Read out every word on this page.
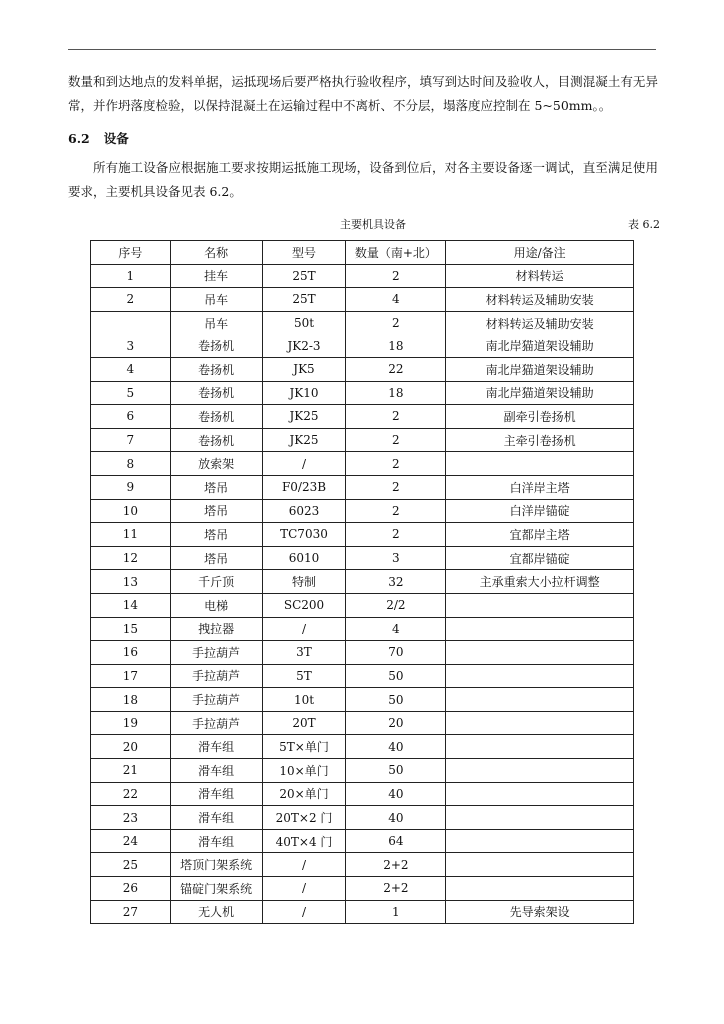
数量和到达地点的发料单据，运抵现场后要严格执行验收程序，填写到达时间及验收人，目测混凝土有无异常，并作坍落度检验，以保持混凝土在运输过程中不离析、不分层，塌落度应控制在 5~50mm。。
6.2 设备
所有施工设备应根据施工要求按期运抵施工现场，设备到位后，对各主要设备逐一调试，直至满足使用要求，主要机具设备见表 6.2。
主要机具设备	表 6.2
序号	名称	型号	数量（南+北）	用途/备注
1	挂车	25T	2	材料转运
2	吊车	25T	4	材料转运及辅助安装
	吊车	50t	2	材料转运及辅助安装
3	卷扬机	JK2-3	18	南北岸猫道架设辅助
4	卷扬机	JK5	22	南北岸猫道架设辅助
5	卷扬机	JK10	18	南北岸猫道架设辅助
6	卷扬机	JK25	2	副牵引卷扬机
7	卷扬机	JK25	2	主牵引卷扬机
8	放索架	/	2	
9	塔吊	F0/23B	2	白洋岸主塔
10	塔吊	6023	2	白洋岸锚碇
11	塔吊	TC7030	2	宜都岸主塔
12	塔吊	6010	3	宜都岸锚碇
13	千斤顶	特制	32	主承重索大小拉杆调整
14	电梯	SC200	2/2	
15	拽拉器	/	4	
16	手拉葫芦	3T	70	
17	手拉葫芦	5T	50	
18	手拉葫芦	10t	50	
19	手拉葫芦	20T	20	
20	滑车组	5T×单门	40	
21	滑车组	10×单门	50	
22	滑车组	20×单门	40	
23	滑车组	20T×2 门	40	
24	滑车组	40T×4 门	64	
25	塔顶门架系统	/	2+2	
26	锚碇门架系统	/	2+2	
27	无人机	/	1	先导索架设
